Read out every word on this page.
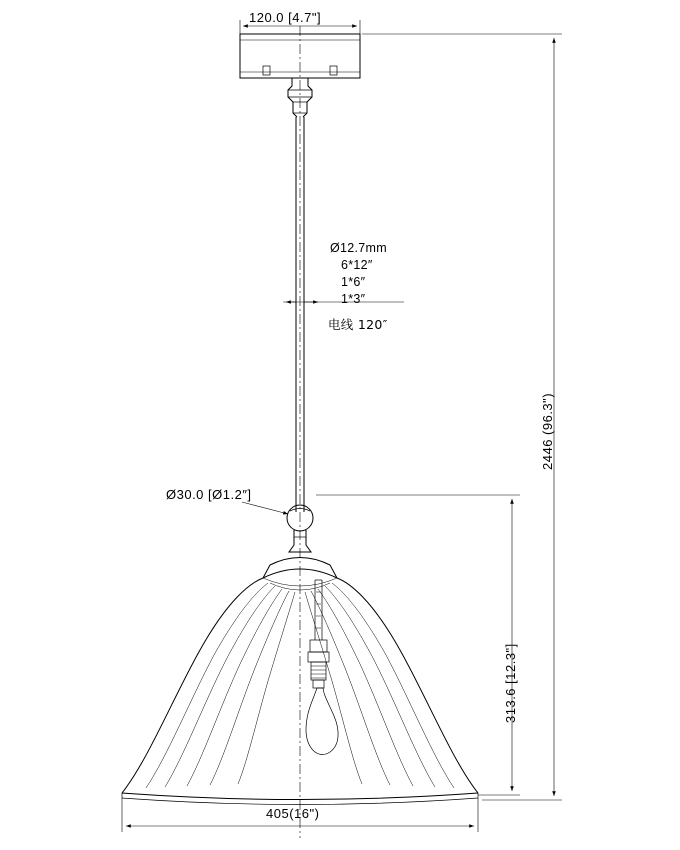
120.0 [4.7"]
2446 (96.3")
313.6 [12.3"]
405(16")
Ø30.0 [Ø1.2″]
Ø12.7mm
6*12″
1*6″
1*3″
电线 120″
